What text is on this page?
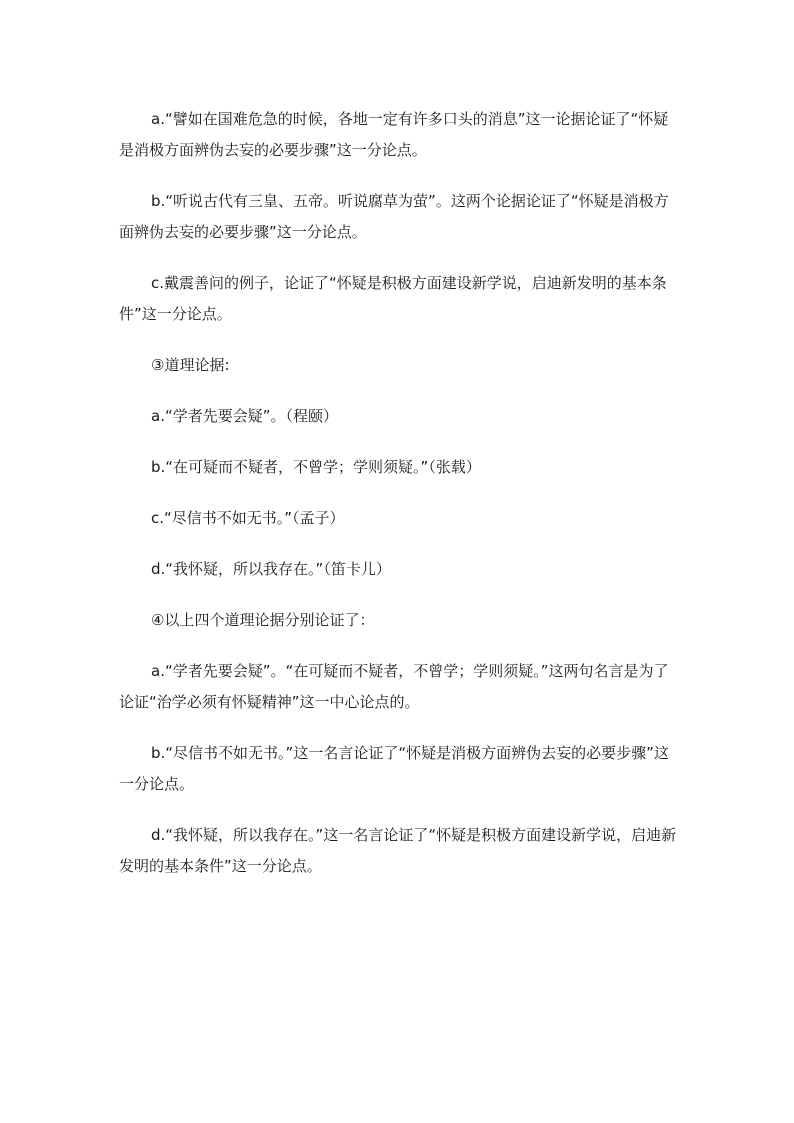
a.“譬如在国难危急的时候，各地一定有许多口头的消息”这一论据论证了“怀疑是消极方面辨伪去妄的必要步骤”这一分论点。

b.“听说古代有三皇、五帝。听说腐草为萤”。这两个论据论证了“怀疑是消极方面辨伪去妄的必要步骤”这一分论点。

c.戴震善问的例子，论证了“怀疑是积极方面建设新学说，启迪新发明的基本条件”这一分论点。

③道理论据:

a.“学者先要会疑”。（程颐）

b.“在可疑而不疑者，不曾学；学则须疑。”（张载）

c.“尽信书不如无书。”（孟子）

d.“我怀疑，所以我存在。”（笛卡儿）

④以上四个道理论据分别论证了：

a.“学者先要会疑”。“在可疑而不疑者，不曾学；学则须疑。”这两句名言是为了论证“治学必须有怀疑精神”这一中心论点的。

b.“尽信书不如无书。”这一名言论证了“怀疑是消极方面辨伪去妄的必要步骤”这一分论点。

d.“我怀疑，所以我存在。”这一名言论证了“怀疑是积极方面建设新学说，启迪新发明的基本条件”这一分论点。
